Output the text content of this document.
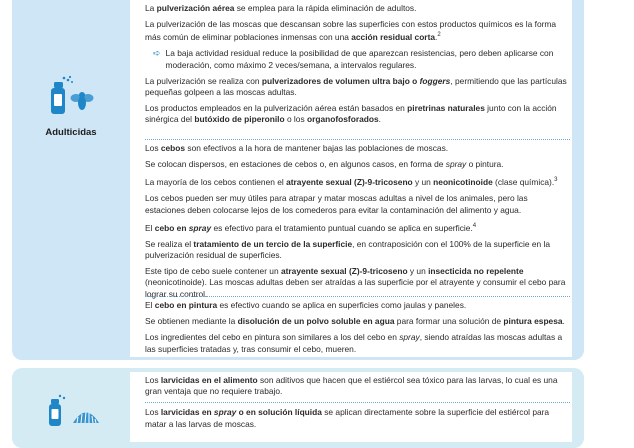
Adulticidas

La pulverización aérea se emplea para la rápida eliminación de adultos.

La pulverización de las moscas que descansan sobre las superficies con estos productos químicos es la forma más común de eliminar poblaciones inmensas con una acción residual corta.$^2$

➪ La baja actividad residual reduce la posibilidad de que aparezcan resistencias, pero deben aplicarse con moderación, como máximo 2 veces/semana, a intervalos regulares.

La pulverización se realiza con pulverizadores de volumen ultra bajo o foggers, permitiendo que las partículas pequeñas golpeen a las moscas adultas.

Los productos empleados en la pulverización aérea están basados en piretrinas naturales junto con la acción sinérgica del butóxido de piperonilo o los organofosforados.

Los cebos son efectivos a la hora de mantener bajas las poblaciones de moscas.

Se colocan dispersos, en estaciones de cebos o, en algunos casos, en forma de spray o pintura.

La mayoría de los cebos contienen el atrayente sexual (Z)-9-tricoseno y un neonicotinoide (clase química).$^3$

Los cebos pueden ser muy útiles para atrapar y matar moscas adultas a nivel de los animales, pero las estaciones deben colocarse lejos de los comederos para evitar la contaminación del alimento y agua.

El cebo en spray es efectivo para el tratamiento puntual cuando se aplica en superficie.$^4$

Se realiza el tratamiento de un tercio de la superficie, en contraposición con el 100% de la superficie en la pulverización residual de superficies.

Este tipo de cebo suele contener un atrayente sexual (Z)-9-tricoseno y un insecticida no repelente (neonicotinoide). Las moscas adultas deben ser atraídas a las superficie por el atrayente y consumir el cebo para lograr su control.

El cebo en pintura es efectivo cuando se aplica en superficies como jaulas y paneles.

Se obtienen mediante la disolución de un polvo soluble en agua para formar una solución de pintura espesa.

Los ingredientes del cebo en pintura son similares a los del cebo en spray, siendo atraídas las moscas adultas a las superficies tratadas y, tras consumir el cebo, mueren.

Los larvicidas en el alimento son aditivos que hacen que el estiércol sea tóxico para las larvas, lo cual es una gran ventaja que no requiere trabajo.

Los larvicidas en spray o en solución líquida se aplican directamente sobre la superficie del estiércol para matar a las larvas de moscas.
